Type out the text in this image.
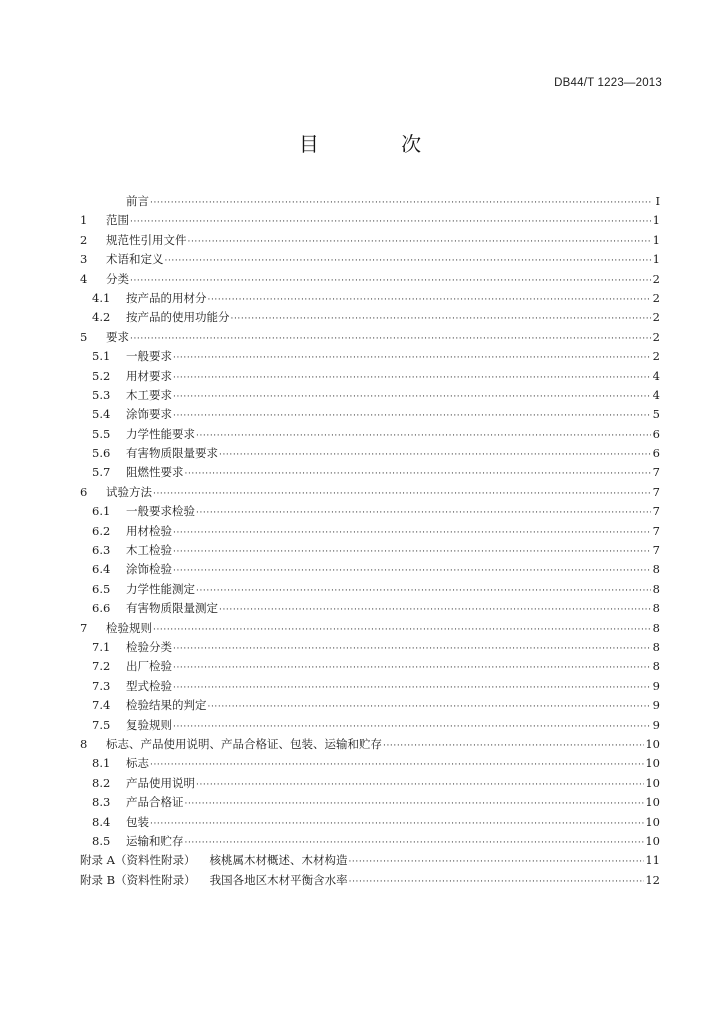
DB44/T 1223—2013
目 次
前言 ·····	I
1	范围 ·····	1
2	规范性引用文件 ·····	1
3	术语和定义 ·····	1
4	分类 ·····	2
4.1	按产品的用材分 ·····	2
4.2	按产品的使用功能分 ·····	2
5	要求 ·····	2
5.1	一般要求 ·····	2
5.2	用材要求 ·····	4
5.3	木工要求 ·····	4
5.4	涂饰要求 ·····	5
5.5	力学性能要求 ·····	6
5.6	有害物质限量要求 ·····	6
5.7	阻燃性要求 ·····	7
6	试验方法 ·····	7
6.1	一般要求检验 ·····	7
6.2	用材检验 ·····	7
6.3	木工检验 ·····	7
6.4	涂饰检验 ·····	8
6.5	力学性能测定 ·····	8
6.6	有害物质限量测定 ·····	8
7	检验规则 ·····	8
7.1	检验分类 ·····	8
7.2	出厂检验 ·····	8
7.3	型式检验 ·····	9
7.4	检验结果的判定 ·····	9
7.5	复验规则 ·····	9
8	标志、产品使用说明、产品合格证、包装、运输和贮存 ·····	10
8.1	标志 ·····	10
8.2	产品使用说明 ·····	10
8.3	产品合格证 ·····	10
8.4	包装 ·····	10
8.5	运输和贮存 ·····	10
附录 A（资料性附录） 核桃属木材概述、木材构造 ·····	11
附录 B（资料性附录） 我国各地区木材平衡含水率 ·····	12
